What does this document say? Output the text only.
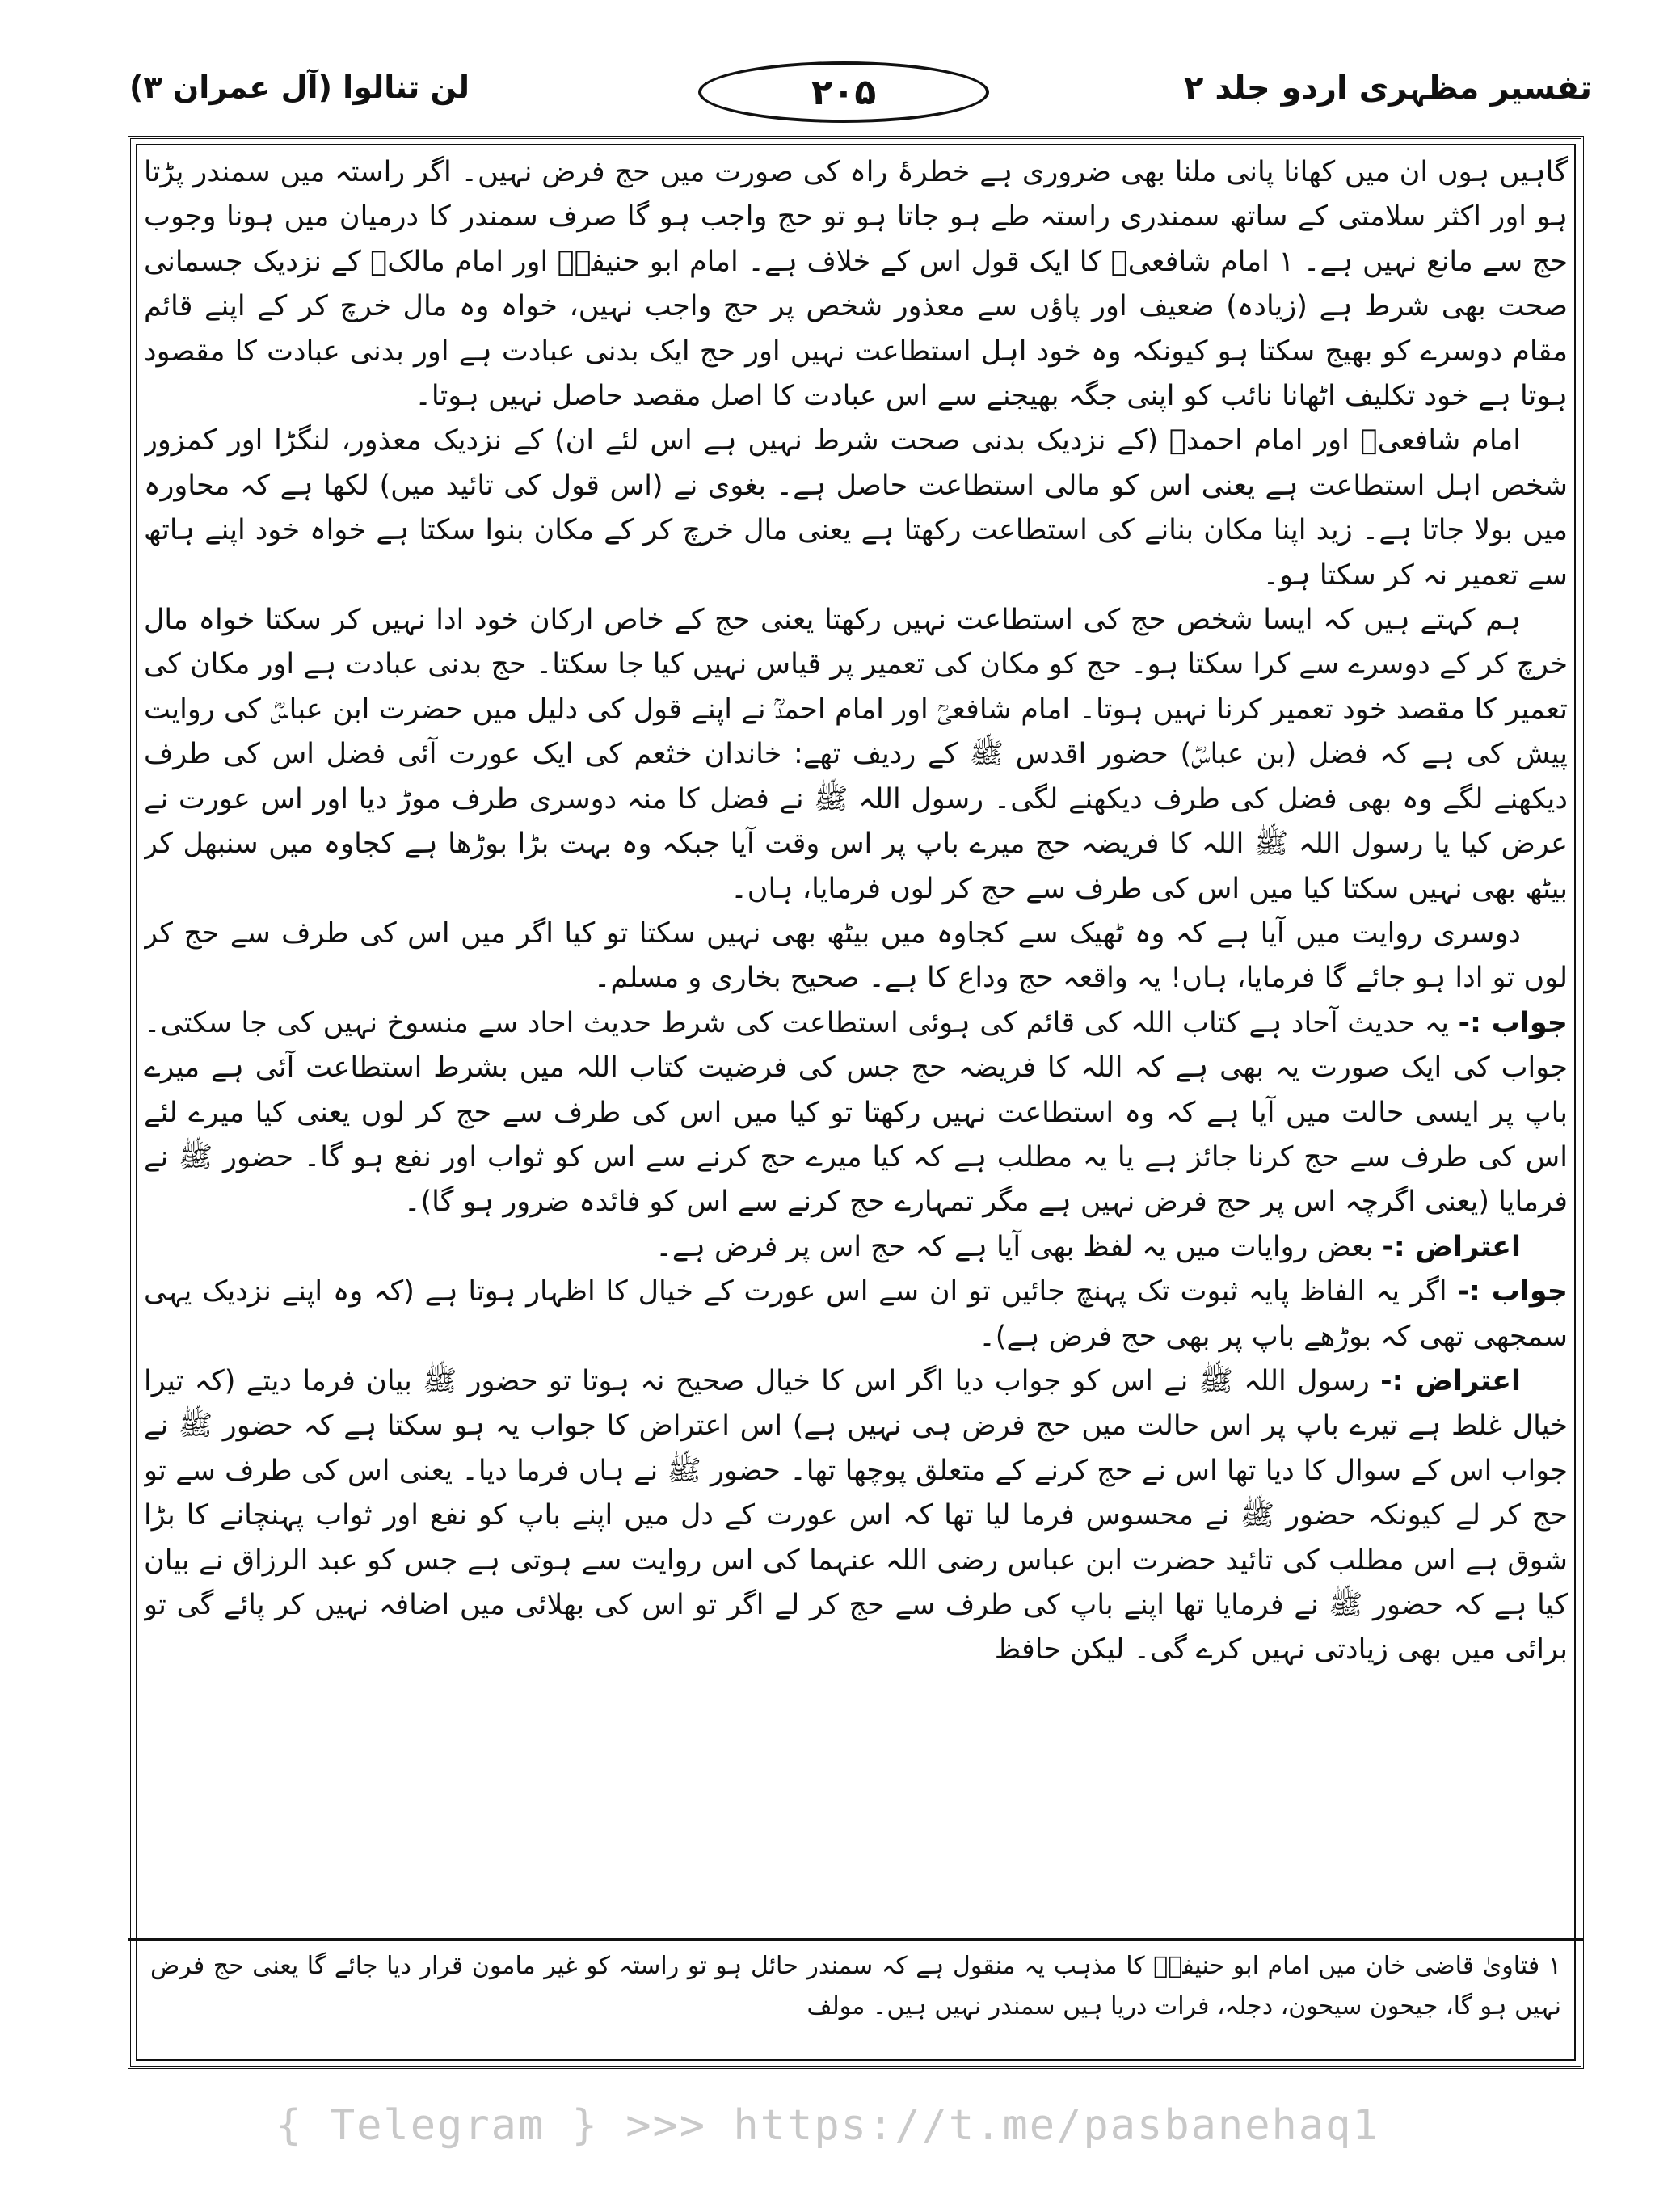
تفسیر مظہری اردو جلد ۲
۲۰۵
لن تنالوا (آل عمران ۳)

گاہیں ہوں ان میں کھانا پانی ملنا بھی ضروری ہے خطرۂ راہ کی صورت میں حج فرض نہیں۔ اگر راستہ میں سمندر پڑتا ہو اور اکثر سلامتی کے ساتھ سمندری راستہ طے ہو جاتا ہو تو حج واجب ہو گا صرف سمندر کا درمیان میں ہونا وجوب حج سے مانع نہیں ہے۔ ۱ امام شافعیؒ کا ایک قول اس کے خلاف ہے۔ امام ابو حنیفہؒ اور امام مالکؒ کے نزدیک جسمانی صحت بھی شرط ہے (زیادہ) ضعیف اور پاؤں سے معذور شخص پر حج واجب نہیں، خواہ وہ مال خرچ کر کے اپنے قائم مقام دوسرے کو بھیج سکتا ہو کیونکہ وہ خود اہل استطاعت نہیں اور حج ایک بدنی عبادت ہے اور بدنی عبادت کا مقصود ہوتا ہے خود تکلیف اٹھانا نائب کو اپنی جگہ بھیجنے سے اس عبادت کا اصل مقصد حاصل نہیں ہوتا۔

امام شافعیؒ اور امام احمدؒ (کے نزدیک بدنی صحت شرط نہیں ہے اس لئے ان) کے نزدیک معذور، لنگڑا اور کمزور شخص اہل استطاعت ہے یعنی اس کو مالی استطاعت حاصل ہے۔ بغوی نے (اس قول کی تائید میں) لکھا ہے کہ محاورہ میں بولا جاتا ہے۔ زید اپنا مکان بنانے کی استطاعت رکھتا ہے یعنی مال خرچ کر کے مکان بنوا سکتا ہے خواہ خود اپنے ہاتھ سے تعمیر نہ کر سکتا ہو۔

ہم کہتے ہیں کہ ایسا شخص حج کی استطاعت نہیں رکھتا یعنی حج کے خاص ارکان خود ادا نہیں کر سکتا خواہ مال خرچ کر کے دوسرے سے کرا سکتا ہو۔ حج کو مکان کی تعمیر پر قیاس نہیں کیا جا سکتا۔ حج بدنی عبادت ہے اور مکان کی تعمیر کا مقصد خود تعمیر کرنا نہیں ہوتا۔ امام شافعیؒ اور امام احمدؒ نے اپنے قول کی دلیل میں حضرت ابن عباسؓ کی روایت پیش کی ہے کہ فضل (بن عباسؓ) حضور اقدس ﷺ کے ردیف تھے: خاندان خثعم کی ایک عورت آئی فضل اس کی طرف دیکھنے لگے وہ بھی فضل کی طرف دیکھنے لگی۔ رسول اللہ ﷺ نے فضل کا منہ دوسری طرف موڑ دیا اور اس عورت نے عرض کیا یا رسول اللہ ﷺ اللہ کا فریضہ حج میرے باپ پر اس وقت آیا جبکہ وہ بہت بڑا بوڑھا ہے کجاوہ میں سنبھل کر بیٹھ بھی نہیں سکتا کیا میں اس کی طرف سے حج کر لوں فرمایا، ہاں۔

دوسری روایت میں آیا ہے کہ وہ ٹھیک سے کجاوہ میں بیٹھ بھی نہیں سکتا تو کیا اگر میں اس کی طرف سے حج کر لوں تو ادا ہو جائے گا فرمایا، ہاں! یہ واقعہ حج وداع کا ہے۔ صحیح بخاری و مسلم۔

جواب :- یہ حدیث آحاد ہے کتاب اللہ کی قائم کی ہوئی استطاعت کی شرط حدیث احاد سے منسوخ نہیں کی جا سکتی۔ جواب کی ایک صورت یہ بھی ہے کہ اللہ کا فریضہ حج جس کی فرضیت کتاب اللہ میں بشرط استطاعت آئی ہے میرے باپ پر ایسی حالت میں آیا ہے کہ وہ استطاعت نہیں رکھتا تو کیا میں اس کی طرف سے حج کر لوں یعنی کیا میرے لئے اس کی طرف سے حج کرنا جائز ہے یا یہ مطلب ہے کہ کیا میرے حج کرنے سے اس کو ثواب اور نفع ہو گا۔ حضور ﷺ نے فرمایا (یعنی اگرچہ اس پر حج فرض نہیں ہے مگر تمہارے حج کرنے سے اس کو فائدہ ضرور ہو گا)۔

اعتراض :- بعض روایات میں یہ لفظ بھی آیا ہے کہ حج اس پر فرض ہے۔

جواب :- اگر یہ الفاظ پایہ ثبوت تک پہنچ جائیں تو ان سے اس عورت کے خیال کا اظہار ہوتا ہے (کہ وہ اپنے نزدیک یہی سمجھی تھی کہ بوڑھے باپ پر بھی حج فرض ہے)۔

اعتراض :- رسول اللہ ﷺ نے اس کو جواب دیا اگر اس کا خیال صحیح نہ ہوتا تو حضور ﷺ بیان فرما دیتے (کہ تیرا خیال غلط ہے تیرے باپ پر اس حالت میں حج فرض ہی نہیں ہے) اس اعتراض کا جواب یہ ہو سکتا ہے کہ حضور ﷺ نے جواب اس کے سوال کا دیا تھا اس نے حج کرنے کے متعلق پوچھا تھا۔ حضور ﷺ نے ہاں فرما دیا۔ یعنی اس کی طرف سے تو حج کر لے کیونکہ حضور ﷺ نے محسوس فرما لیا تھا کہ اس عورت کے دل میں اپنے باپ کو نفع اور ثواب پہنچانے کا بڑا شوق ہے اس مطلب کی تائید حضرت ابن عباس رضی اللہ عنہما کی اس روایت سے ہوتی ہے جس کو عبد الرزاق نے بیان کیا ہے کہ حضور ﷺ نے فرمایا تھا اپنے باپ کی طرف سے حج کر لے اگر تو اس کی بھلائی میں اضافہ نہیں کر پائے گی تو برائی میں بھی زیادتی نہیں کرے گی۔ لیکن حافظ

۱ فتاویٰ قاضی خان میں امام ابو حنیفہؒ کا مذہب یہ منقول ہے کہ سمندر حائل ہو تو راستہ کو غیر مامون قرار دیا جائے گا یعنی حج فرض نہیں ہو گا، جیحون سیحون، دجلہ، فرات دریا ہیں سمندر نہیں ہیں۔ مولف
{ Telegram } >>> https://t.me/pasbanehaq1
